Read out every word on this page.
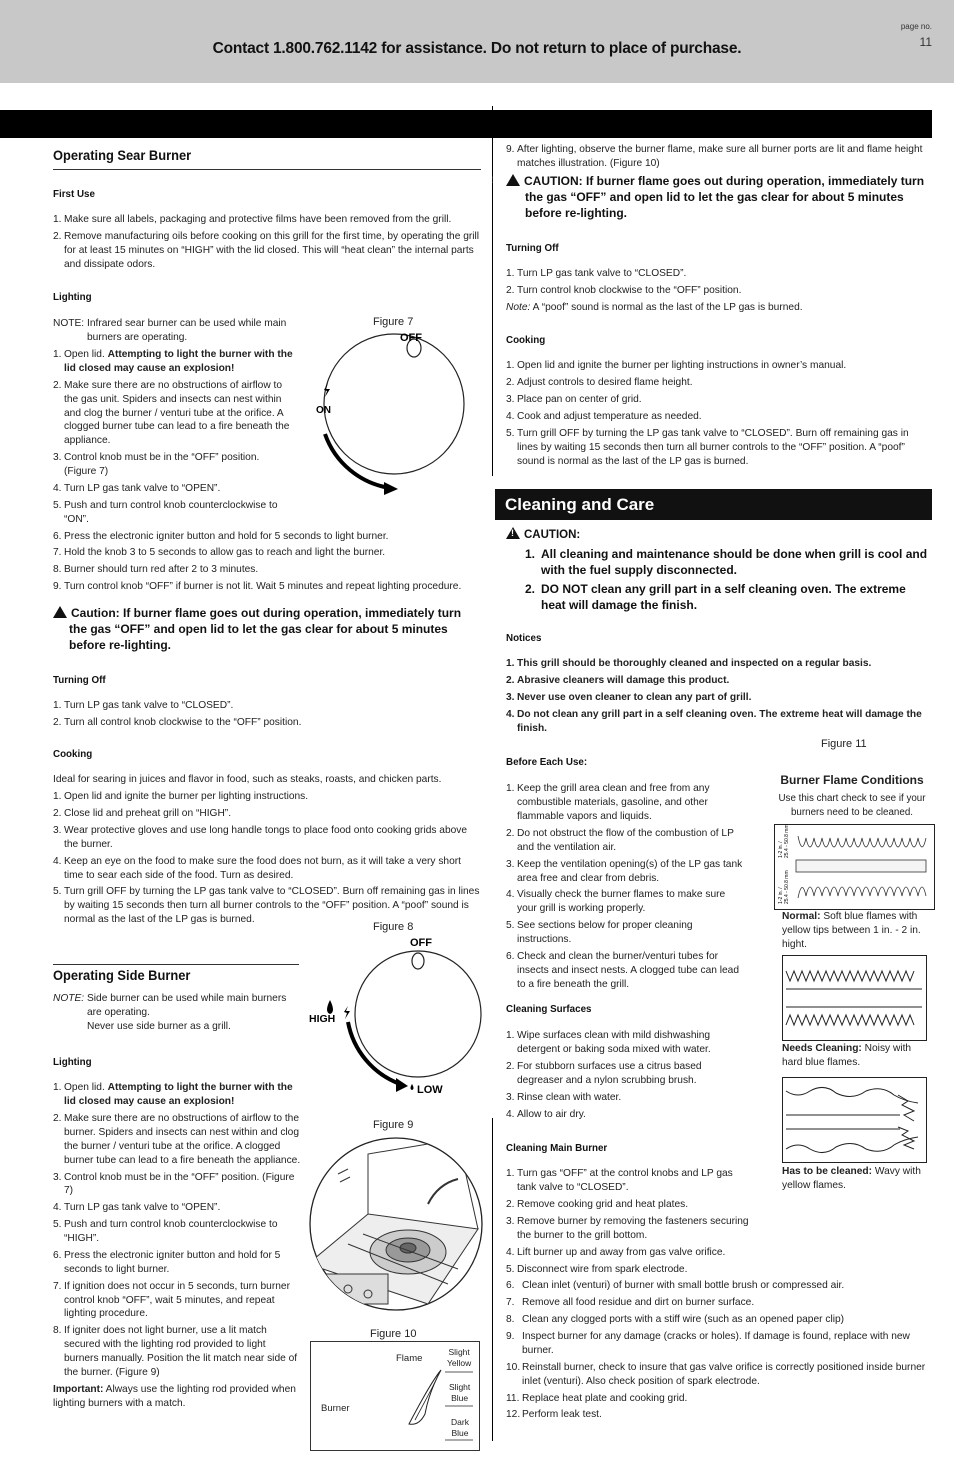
Contact 1.800.762.1142 for assistance. Do not return to place of purchase.
page no.
11
Operating Sear Burner
First Use
1. Make sure all labels, packaging and protective films have been removed from the grill.
2. Remove manufacturing oils before cooking on this grill for the first time, by operating the grill for at least 15 minutes on “HIGH” with the lid closed. This will “heat clean” the internal parts and dissipate odors.
Lighting
NOTE: Infrared sear burner can be used while main burners are operating.
1. Open lid. Attempting to light the burner with the lid closed may cause an explosion!
2. Make sure there are no obstructions of airflow to the gas unit. Spiders and insects can nest within and clog the burner / venturi tube at the orifice. A clogged burner tube can lead to a fire beneath the appliance.
3. Control knob must be in the “OFF” position. (Figure 7)
4. Turn LP gas tank valve to “OPEN”.
5. Push and turn control knob counterclockwise to “ON”.
6. Press the electronic igniter button and hold for 5 seconds to light burner.
7. Hold the knob 3 to 5 seconds to allow gas to reach and light the burner.
8. Burner should turn red after 2 to 3 minutes.
9. Turn control knob “OFF” if burner is not lit. Wait 5 minutes and repeat lighting procedure.
!Caution: If burner flame goes out during operation, immediately turn the gas “OFF” and open lid to let the gas clear for about 5 minutes before re-lighting.
Turning Off
1. Turn LP gas tank valve to “CLOSED”.
2. Turn all control knob clockwise to the “OFF” position.
Cooking

Ideal for searing in juices and flavor in food, such as steaks, roasts, and chicken parts.

1. Open lid and ignite the burner per lighting instructions.
2. Close lid and preheat grill on “HIGH”.
3. Wear protective gloves and use long handle tongs to place food onto cooking grids above the burner.
4. Keep an eye on the food to make sure the food does not burn, as it will take a very short time to sear each side of the food. Turn as desired.
5. Turn grill OFF by turning the LP gas tank valve to “CLOSED”. Burn off remaining gas in lines by waiting 15 seconds then turn all burner controls to the “OFF” position. A “poof” sound is normal as the last of the LP gas is burned.
Operating Side Burner
NOTE: Side burner can be used while main burners are operating.
Never use side burner as a grill.
Lighting
1. Open lid. Attempting to light the burner with the lid closed may cause an explosion!
2. Make sure there are no obstructions of airflow to the burner. Spiders and insects can nest within and clog the burner / venturi tube at the orifice. A clogged burner tube can lead to a fire beneath the appliance.
3. Control knob must be in the “OFF” position. (Figure 7)
4. Turn LP gas tank valve to “OPEN”.
5. Push and turn control knob counterclockwise to “HIGH”.
6. Press the electronic igniter button and hold for 5 seconds to light burner.
7. If ignition does not occur in 5 seconds, turn burner control knob “OFF”, wait 5 minutes, and repeat lighting procedure.
8. If igniter does not light burner, use a lit match secured with the lighting rod provided to light burners manually. Position the lit match near side of the burner. (Figure 9)

Important: Always use the lighting rod provided when lighting burners with a match.

Figure 7
OFF
ON
Figure 8
OFF
HIGH
LOW
Figure 9
Figure 10
Flame
Burner
Slight
Yellow
Slight
Blue
Dark
Blue
9. After lighting, observe the burner flame, make sure all burner ports are lit and flame height matches illustration. (Figure 10)
!CAUTION: If burner flame goes out during operation, immediately turn the gas “OFF” and open lid to let the gas clear for about 5 minutes before re-lighting.
Turning Off
1. Turn LP gas tank valve to “CLOSED”.
2. Turn control knob clockwise to the “OFF” position.

Note: A “poof” sound is normal as the last of the LP gas is burned.

Cooking
1. Open lid and ignite the burner per lighting instructions in owner’s manual.
2. Adjust controls to desired flame height.
3. Place pan on center of grid.
4. Cook and adjust temperature as needed.
5. Turn grill OFF by turning the LP gas tank valve to “CLOSED”. Burn off remaining gas in lines by waiting 15 seconds then turn all burner controls to the “OFF” position. A “poof” sound is normal as the last of the LP gas is burned.
Cleaning and Care
!CAUTION:
1. All cleaning and maintenance should be done when grill is cool and with the fuel supply disconnected.
2. DO NOT clean any grill part in a self cleaning oven. The extreme heat will damage the finish.
Notices
1. This grill should be thoroughly cleaned and inspected on a regular basis.
2. Abrasive cleaners will damage this product.
3. Never use oven cleaner to clean any part of grill.
4. Do not clean any grill part in a self cleaning oven. The extreme heat will damage the finish.
Before Each Use:
1. Keep the grill area clean and free from any combustible materials, gasoline, and other flammable vapors and liquids.
2. Do not obstruct the flow of the combustion of LP and the ventilation air.
3. Keep the ventilation opening(s) of the LP gas tank area free and clear from debris.
4. Visually check the burner flames to make sure your grill is working properly.
5. See sections below for proper cleaning instructions.
6. Check and clean the burner/venturi tubes for insects and insect nests. A clogged tube can lead to a fire beneath the grill.
Cleaning Surfaces
1. Wipe surfaces clean with mild dishwashing detergent or baking soda mixed with water.
2. For stubborn surfaces use a citrus based degreaser and a nylon scrubbing brush.
3. Rinse clean with water.
4. Allow to air dry.
Cleaning Main Burner
1. Turn gas “OFF” at the control knobs and LP gas tank valve to “CLOSED”.
2. Remove cooking grid and heat plates.
3. Remove burner by removing the fasteners securing the burner to the grill bottom.
4. Lift burner up and away from gas valve orifice.
5. Disconnect wire from spark electrode.
6. Clean inlet (venturi) of burner with small bottle brush or compressed air.
7. Remove all food residue and dirt on burner surface.
8. Clean any clogged ports with a stiff wire (such as an opened paper clip)
9. Inspect burner for any damage (cracks or holes). If damage is found, replace with new burner.
10. Reinstall burner, check to insure that gas valve orifice is correctly positioned inside burner inlet (venturi). Also check position of spark electrode.
11. Replace heat plate and cooking grid.
12. Perform leak test.
Figure 11
Burner Flame Conditions
Use this chart check to see if your burners need to be cleaned.
1-2 in. / 25.4 - 50.8 mm
1-2 in. / 25.4 - 50.8 mm
Normal: Soft blue flames with yellow tips between 1 in. - 2 in. hight.
Needs Cleaning: Noisy with hard blue flames.
Has to be cleaned: Wavy with yellow flames.
